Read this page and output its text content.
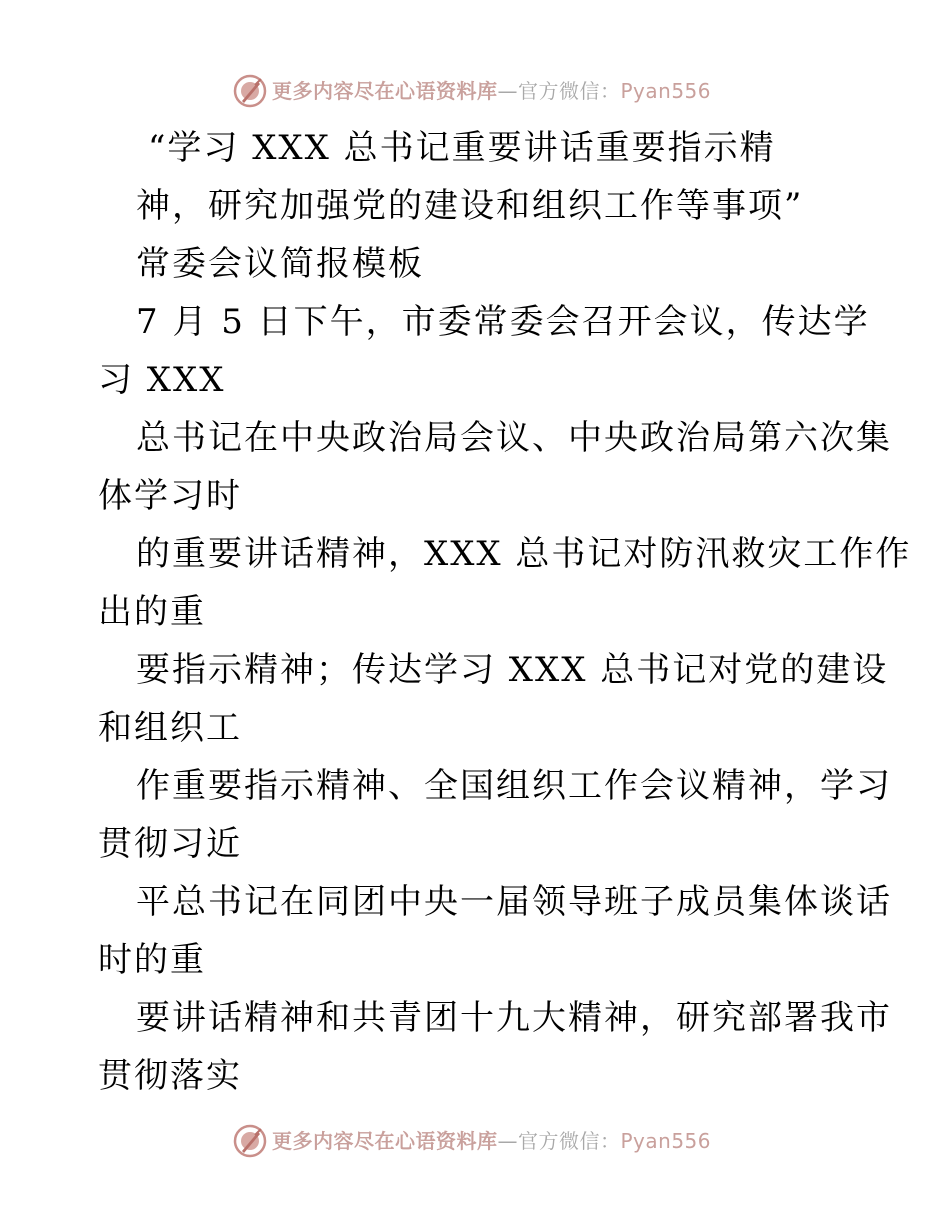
更多内容尽在心语资料库—官方微信：Pyan556
“学习 XXX 总书记重要讲话重要指示精
神，研究加强党的建设和组织工作等事项”
常委会议简报模板
7 月 5 日下午，市委常委会召开会议，传达学
习 XXX
总书记在中央政治局会议、中央政治局第六次集
体学习时
的重要讲话精神，XXX 总书记对防汛救灾工作作
出的重
要指示精神；传达学习 XXX 总书记对党的建设
和组织工
作重要指示精神、全国组织工作会议精神，学习
贯彻习近
平总书记在同团中央一届领导班子成员集体谈话
时的重
要讲话精神和共青团十九大精神，研究部署我市
贯彻落实
更多内容尽在心语资料库—官方微信：Pyan556
